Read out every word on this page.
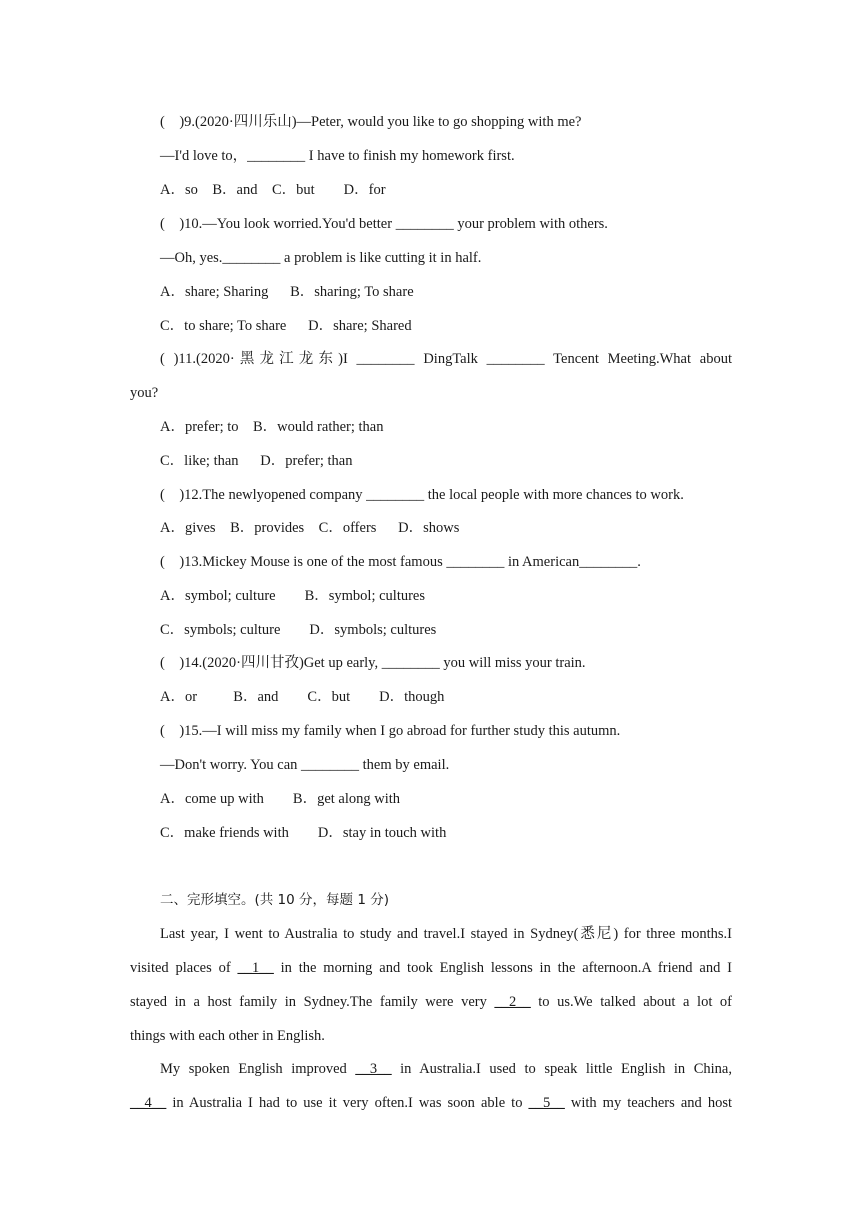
(    )9.(2020·四川乐山)—Peter, would you like to go shopping with me?
—I'd love to，________ I have to finish my homework first.
A．so    B．and    C．but        D．for
(    )10.—You look worried.You'd better ________ your problem with others.
—Oh, yes.________ a problem is like cutting it in half.
A．share; Sharing      B．sharing; To share
C．to share; To share      D．share; Shared
( )11.(2020·黑龙江龙东)I ________ DingTalk ________ Tencent Meeting.What about
you?
A．prefer; to    B．would rather; than
C．like; than      D．prefer; than
(    )12.The newlyopened company ________ the local people with more chances to work.
A．gives    B．provides    C．offers      D．shows
(    )13.Mickey Mouse is one of the most famous ________ in American________.
A．symbol; culture        B．symbol; cultures
C．symbols; culture        D．symbols; cultures
(    )14.(2020·四川甘孜)Get up early, ________ you will miss your train.
A．or          B．and        C．but        D．though
(    )15.—I will miss my family when I go abroad for further study this autumn.
—Don't worry. You can ________ them by email.
A．come up with        B．get along with
C．make friends with        D．stay in touch with
二、完形填空。(共 10 分，每题 1 分)
Last year, I went to Australia to study and travel.I stayed in Sydney(悉尼) for three months.I
visited places of __1__ in the morning and took English lessons in the afternoon.A friend and I
stayed in a host family in Sydney.The family were very __2__ to us.We talked about a lot of
things with each other in English.
My spoken English improved __3__ in Australia.I used to speak little English in China,
__4__ in Australia I had to use it very often.I was soon able to __5__ with my teachers and host
